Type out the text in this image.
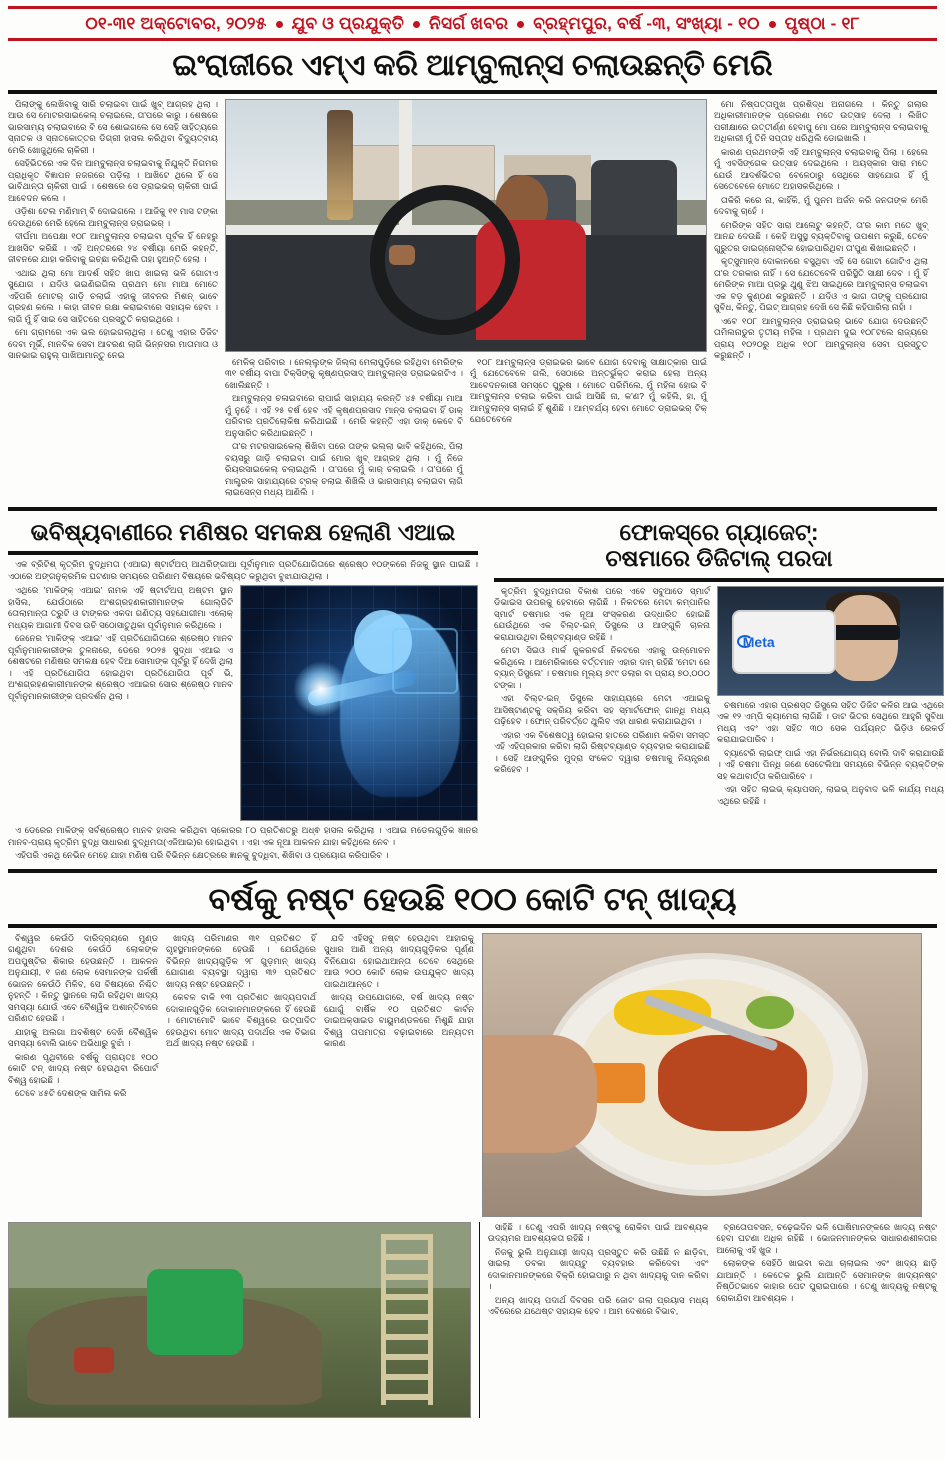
୦୧-୩୧ ଅକ୍ଟୋବର, ୨୦୨୫ ଯୁବ ଓ ପ୍ରଯୁକ୍ତି ନିସର୍ଗ ଖବର ବ୍ରହ୍ମପୁର, ବର୍ଷ -୩, ସଂଖ୍ୟା - ୧୦ ପୃଷ୍ଠା - ୧୮
ଇଂରାଜୀରେ ଏମ୍ଏ କରି ଆମ୍ବୁଲାନ୍ସ ଚଲାଉଛନ୍ତି ମେରି

ପିଲାଙ୍କୁ ଲେଖିବାକୁ ସାରି ଚଲାଇବା ପାଇଁ ଖୁବ୍ ଆଗ୍ରହ ଥିଲା । ଆଉ ସେ ମୋଟରସାଇକେଲ୍ ଚଲାଇଲେ, ତା'ପରେ କାରୁ । ଶେଷରେ ଭାରସାମ୍ୟ ଚଲାଇବାରେ ବି ସେ ଶୋଇଗଲେ ସେ ସେହି ସାହିତ୍ୟରେ ସ୍ନାତକ ଓ ସ୍ନାତକୋତ୍ତର ଡିଗ୍ରୀ ହାସଲ କରିଥିବା ବିଦ୍ୟୁତ୍‌ବାୟ ମେରି ଖୋଜୁଥିଲେ ଚାକିରୀ ।

ସେହିଭିତରେ ଏକ ଦିନ ଆମ୍ବୁଲାନ୍ସ ଚଲାଇବାକୁ ନିଯୁକ୍ତି ନିଗମର ପ୍ରାଧିକୃତ ବିଜ୍ଞାପନ ନଜରରେ ପଡ଼ିଲା । ଆଖିଟେ ଥିଲେ ହିଁ ସେ ଭାବିଥାନ୍ତା ଚାକିରୀ ପାଇଁ । ଶେଷରେ ସେ ଡ୍ରାଇଭର୍ ଚାକିରୀ ପାଇଁ ଆବେଦନ କଲେ ।

ଓଡ଼ିଶା ଟେଲ ମଣିମାମ୍ ବି ଦୋଇଗଲେ । ଆଜିକୁ ୧୧ ମାସ ଟଙ୍କା ଦେଉଥିରେ ମେରି ହେଲେ ଆମ୍ବୁଲାନ୍ସ ଡ୍ରାଇଭର୍ ।

ଦୀର୍ଘମା ଅପେକ୍ଷା ୧୦୮ ଆମ୍ବୁଲାନ୍ସ ଚଲାଇବା ପୂର୍ବକ ହିଁ ନେହରୁ ଆଖସିଟ କରିଛି । ଏହି ଅନ୍ତରରେ ୨୪ ବର୍ଷୀୟା ମେରି କହନ୍ତି, ଜୀବନରେ ଯାହା କରିବାକୁ ଇଚ୍ଛା କରିଥିଲି ତାହା ହୁଅନ୍ତି ହେଲା ।

ଏଥାଇ ଥିଲା ମୋ ଆଦର୍ଶ ସହିତ ଖାପ ଖାଇଲା ଭଳି ଗୋଟାଏ ସୁଯୋଗ । ଯଦିଓ ଭଇଣିଇଗିଲ ପ୍ରଥମ ମୋ ମାଆ ମୋତେ ଏହିପରି ମୋଟର୍ ଗାଡ଼ି ଚଲାଇଁ ଏହାକୁ ଜୀବନର ମିଶନ୍ ଭାବେ ଗ୍ରହଣ କଲେ । କାହା ଜୀବନ ରକ୍ଷା କରାଇବାରେ ସହାୟକ ହେବା । ଲାଗି ମୁଁ ହିଁ ସାଇ ସେ ସାହିତରେ ପ୍ରସ୍ତୁତି କରାଇଥିରେ ।

ମୋ ଗ୍ରାମରେ ଏକ ଭଲ ହୋଇଗଲାଥିଲା । ତେଣୁ ଏହାର ଡିଜିଟ ଦେବା ମୂର୍ଭି, ମାନବିକ ସେବା ଆବରଣ ଲାଗି ଭିନ୍ନସର ମାତାମାତା ଓ ସାନଭାଇ ରାହୁଲ୍ ପାଖିଆମାନ୍ତୁ ନେଇ

ମେଳିକ୍ ପରିବାର । ନେଲ୍ଲୁଙ୍କ ଜିଲ୍ଲା ମେଲାପୁଡ଼ିରେ ରହିଥିବା ମେରିଙ୍କ ୩୧ ବର୍ଷୀୟ ବାପା ଟିକ୍ସିଙ୍କୁ କୃଷ୍ଣପ୍ରସାଦ୍ ଆମ୍ବୁଲାନ୍ସ ଡ୍ରାଇଭରଟିଏ । ଖୋଲିଛନ୍ତି ।

ଆମ୍ବୁଲାନ୍ସ ଚଳାଇବାରେ ରାପାଇଁ ସାହାଯ୍ୟ କରନ୍ତି ୪୫ ବର୍ଷୀୟା ମାଆ ମୁଁ ନୁହେଁ । ଏହି ୨୫ ବର୍ଷ ହେବ ଏହି କୃଷ୍ଣପ୍ରସାଦ ମାନ୍ସ ଚଲାଇବା ହିଁ ଡାକ୍ ପରିବାର ପ୍ରତିଲୋକିଷ କରିଥାଇଛି । ମେରି କହନ୍ତି ଏହା ଡାକ୍ କେବେ ବି ଅନୁସାରିତ କରିଥାଇଛନ୍ତି ।

ତା'ର ମଟରସାଇକେଲ୍ ଶିଖିବା ପରେ ତାଙ୍କ ଭଲ୍ଲା ଭାବି କହିଥିଲେ, ପିଲା ବୟସରୁ ଗାଡ଼ି ଚଲାଇବା ପାଇଁ ମୋର ଖୁବ୍ ଆଗ୍ରହ ଥିଲା । ମୁଁ ନିଜେ ରିୟରସାଇକେଲ୍ ଚଲାଇଥିଲି । ତା'ପରେ ମୁଁ କାର୍ ଚଲାଇଲି । ତା'ପରେ ମୁଁ ମାଲ୍ଟ୍ରକ ସାହାଯ୍ୟରେ ଟ୍ରକ୍ ଚଲାଇ ଶିଖିଲି ଓ ଭାରସାମ୍ୟ ଚଲାଇବା ଲାଗି ଲାଇସେନ୍ସ ମଧ୍ୟ ଆଣିଲି ।

୧୦୮ ଆମ୍ବୁଲାନ୍ସ ଡ୍ରାଇଭର ଭାବେ ଯୋଗ ଦେବାକୁ ସାକ୍ଷାତ୍କାର ପାଇଁ ମୁଁ ଯେତେବେଳେ ଗଲି, ସେଠାରେ ଅନ୍ତର୍ଭୁକ୍ତ କରାଇ ହେଲା ଅନ୍ୟ ଆବେଦନକାରୀ ସମସ୍ତେ ପୁରୁଷ । ମୋତେ ପରିମିଲେ, ମୁଁ ମହିଳା ହୋଇ ବି ଆମ୍ବୁଲାନ୍ସ ଚଲାଇ କରିବା ପାଇଁ ଆସିଛି ନା, କ'ଣ? ମୁଁ କହିଲି, ହା, ମୁଁ ଆମ୍ବୁଲାନ୍ସ ଚାଲାଇଁ ହିଁ ଶୁଣିଛି । ଆମ୍ବର୍ଯ୍ୟ ହେବା ମୋତେ ଡ୍ରାଇଭର୍ ଟିକ୍ ଯେତେବେଳେ

ମୋ ନିଷ୍ପତ୍ତାମୁଖ ପ୍ରଶିଦ୍ଧ ଅନାଗଲେ । କିନ୍ତୁ ଗଲାର ଅଧିକାରୀମାନଙ୍କ ପ୍ରେରଣା ମତେ ଉତ୍ସାହ ଦେଲା । ଲିଖିତ ପରୀକ୍ଷାରେ ଉତ୍ତୀର୍ଣ୍ଣ ହେବାପୁ ମୋ ପରେ ଆମ୍ବୁଲାନ୍ସ ଚଲାଇବାକୁ ଅଧିକାରୀ ମୁଁ ତିନି ସପ୍ତାହ ଧରିଥିଲି ଡୋଇଖାଲି ।

କାରଣ ପ୍ରଥମଙ୍କି ଏହି ଆମ୍ବୁଲାନ୍ସ ଚଲାଇବାକୁ ପିଲା । ହେଲେ ମୁଁ ଏବସିଙ୍ଗେକ ଉତ୍ସାହ ଦେଇଥିଲେ । ଅୟସ୍କାର ସାରା ମତେ ଯେଉଁ ଆଦର୍ଶଭିତର ବେଳେଠାରୁ ସେଥିରେ ସାହଯୋଗ ହିଁ ମୁଁ ସେତେବେଳେ ମୋତେ ଅହାସକରିଥିଲେ ।

ତାକିରି କରେ ନା, କାହିଁକି, ମୁଁ ପୁନମ ଅର୍ଜନ କରି ଜନତାଙ୍କ ମେରି ଦେବାକୁ ଚାହେଁ ।

ମେରିଙ୍କ ସହିତ ସାରା ଆଲେଟୁ କହନ୍ତି, ତା'ର କାମ ମତେ ଖୁବ୍ ଆନନ୍ଦ ଦେଉଛି । କେହି ଅସୁସ୍ଥ ବ୍ୟକ୍ତିବାକୁ ଉପଶମ କରୁଛି, ତେବେ ଗୁରୁତର ଡାଇଗ୍ନୋସ୍ତିକ ହୋଇପାରିଥିବା ତା'ପୁଣ ଶିଖାଇଛନ୍ତି ।

କୃତ୍ସୁମାନ୍ସ ଦୋକାନରେ ବସୁଥିବା ଏହି ସେ ଗୋଟା ଗୋଟିଏ ଥିଲା ତା'ର ତରକାର ନାହିଁ । ସେ ଯେତେବେଳି ପରିସ୍ଥିତି ସାକ୍ଷୀ ଦେବ । ମୁଁ ହିଁ ମେରିଙ୍କ ମାଆ ପ୍ରଭୁ ଥୁଣୁ ଝିଅ ସାଇଥିରେ ଆମ୍ବୁଲାନ୍ସ ଚଲାଇବା ଏକ ବଡ଼ କୁଣ୍ଠଣ କରୁଛନ୍ତି । ଯଦିଓ ଏ ଭାଗ ତାଙ୍କୁ ପ୍ରଯୋଗ ସୁବିଧ, କିନ୍ତୁ, ପିଇଟ୍ ଆଗ୍ରହ ଦେଖି ସେ କିଛି କହିପାରିଲା ନାହାଁ ।

ଏବେ ୧୦୮ ଆମ୍ବୁଲାନ୍ସ ଡ୍ରାଇଭର୍ ଭାବେ ଯୋଗ ଦେଉଛନ୍ତି ତାମିଲନାଡୁର ତୃତୀୟ ମହିଳା । ପ୍ରଥମ ଦୁଇ ୧୦୮ଟଲେ ରାଜ୍ୟରେ ପ୍ରାୟ ୧୦୨୦ରୁ ଅଧିକ ୧୦୮ ଆମ୍ବୁଲାନ୍ସ ସେବା ପ୍ରସ୍ତୁତ କରୁଛନ୍ତି ।

ଭବିଷ୍ୟବାଣୀରେ ମଣିଷର ସମକକ୍ଷ ହେଲାଣି ଏଆଇ

ଏକ ବ୍ରିଟିଶ୍ କୃତ୍ରିମ ବୁଦ୍ଧିମତା (ଏଆଇ) ଷ୍ଟାର୍ଟଅପ୍ ଆଥରିଙ୍ଗାଆ ପୂର୍ବାନୁମାନ ପ୍ରତିଯୋଗିତାରେ ଶ୍ରେଷ୍ଠ ୧୦ଙ୍କରେ ନିଜକୁ ସ୍ଥାନ ପାଇଛି । ଏଠାରେ ଅଙ୍ଗନୁକ୍ରମିକ ଘଟଣାର ସମୟରେ ପରିଣାମ ବିଷୟରେ ଭବିଷ୍ୟତ କରୁଥିବା ବୁଝାଯାଉଥିଲା ।

ଏଥିରେ 'ମାକିଙ୍କ୍ ଏଆଇ' ନାମକ ଏହି ଷ୍ଟାର୍ଟଅପ୍ ଅଷ୍ଟମ ସ୍ଥାନ ହାସିଲ, ଯେଉଁଠାରେ ଅଂଶଗ୍ରହଣକାରୀମାନଙ୍କ ଗୋଲ୍ଡିଟି ତୋଲାମାନ୍ତା ତ୍ରୁଟି ଓ ଟାଙ୍କର ଏକଦା ଗଣିତ୍ୟ ସହଯୋଗୀମା ଏଲୋକ୍ ମଧ୍ୟକ ଆଗାମୀ ଦିବସ ଉଚି ସଠୋସାତୁଥିକା ପୂର୍ବାନୁମାନ କରିଥିଲେ ।

ଜେନେର 'ମାକିଙ୍କ୍ ଏଆଇ' ଏହି ପ୍ରତିଯୋଗିତାରେ ଶ୍ରେଷ୍ଠ ମାନବ ପୂର୍ବାନୁମାନକାରୀଙ୍କ ତୁଳନାରେ, ଡେରେ ୨୦୨୫ ସୁଦ୍ଧା ଏଆଇ ଏ ଶେଷଟରେ ମଣିଷର ସମକକ୍ଷ ହେବ ଦିଆ ସୋମାଙ୍କ ପୂର୍ବରୁ ହିଁ ଦେଖି ଥିଲା । ଏହି ପ୍ରତିଯୋଗିତା ହୋଇଥିବା ପ୍ରତିଯୋଗିତା ପୂର୍ବ ଭି, ଅଂଶଗ୍ରହଣକାରୀମାନଙ୍କ ଶ୍ରେଷ୍ଠ ଏଆଇର ସୋର ଶ୍ରେଷ୍ଠ ମାନବ ପୂର୍ବାନୁମାନକାରୀଙ୍କ ପ୍ରଦର୍ଶନ ଥିଲା ।

ଏ ଡେରେର ମାକିଙ୍କ୍ ସର୍ବଶ୍ରେଷ୍ଠ ମାନବ ହାସଲ କରିଥିବା ସ୍କୋରର ୮୦ ପ୍ରତିଶତରୁ ଅଧ୍ଵ ହାସଲ କରିଥିଲା । ଏଆଇ ମଡେଲଗୁଡ଼ିକ ଜ୍ଞାନର ମାନବ-ପ୍ରାୟ କୃତ୍ରିମ ବୁଦ୍ଧି ସାଧାରଣ ବୁଦ୍ଧିମତା(ଏଜିଆଇ)ର ହୋଇଥିବା । ଏହା ଏକ ନୂଆ ଆକଳନ ଯାହା କହିଥିଲେ ନେବ ।

ଏହିପରି ଏକଥି ନେଭିନ ମେହେ ଯାହା ମଣିଷ ପରି ବିଭିନ୍ନ କ୍ଷେତ୍ରରେ ଜ୍ଞାନକୁ ବୁଦ୍ଧିବା, ଶିଖିବା ଓ ପ୍ରୟୋଗ କରିପାରିବ ।

ଫୋକସ୍‌ରେ ଗ୍ୟାଜେଟ୍:
ଚଷମାରେ ଡିଜିଟାଲ୍ ପରଦା

କୃତ୍ରିମ ବୁଦ୍ଧିମତାର ବିକାଶ ପରେ ଏବେ ସବୁଆଡେ ସ୍ମାର୍ଟ ଡିଭାଇସ ଉପରକୁ ହେବାରେ ଲାଗିଛି । ନିକଟରେ ମେଟା କମ୍ପାନିର ସ୍ମାର୍ଟ ଚଷମାର ଏକ ନୂଆ ସଂସ୍କରଣ ଉଦ୍ଧାରିତ ହୋଇଛି ଯେଉଁଥିରେ ଏକ ବିଲ୍ଟ-ଇନ୍ ଡିସ୍ପ୍ଲେ ଓ ଆଙ୍ଗୁଳି ଚାଳନା କରାଯାଉଥିବା ରିଷ୍ଟବ୍ୟାଣ୍ଡ ରହିଛି ।

ମେଟା ସିଇଓ ମାର୍କ ଜୁକରବର୍ଗ ନିକଟରେ ଏହାକୁ ଉନ୍ମୋଚନ କରିଥିଲେ । ଆମେରିକାରେ ବର୍ତ୍ତମାନ ଏହାର ଦାମ୍ ରହିଛି 'ମେଟା ରେ ବ୍ୟାନ୍ ଡିସ୍ପ୍ଲେ' । ଚଷମାର ମୂଲ୍ୟ ୭୯୯ ଡଲାର ବା ପ୍ରାୟ ୭୦,୦୦୦ ଟଙ୍କା ।

ଏହା ବିଲ୍ଟ-ଇନ୍ ଡିସ୍ପ୍ଲେ ସାହାଯ୍ୟରେ ମେଟା ଏଆଇକୁ ଆସିଷ୍ଟାଣ୍ଟକୁ ସକ୍ରିୟ କରିବା ସହ ସ୍ମାର୍ଟଫୋନ୍ ଗାନ୍ଧି ମଧ୍ୟ ପଢ଼ିହେବ । ଫୋନ୍ ପରିବର୍ତ୍ତେ ଥୁଲିବ ଏହା ଧାରଣ କରାଯାଇଥିବା ।

ଏହାର ଏକ ବିଶେଷତ୍ୱ ହୋଇଲା ହାତରେ ପରିଣାମ କରିବା ସମସ୍ତ ଏହି ଏହିପ୍ରକାର କରିବା ଲାଗି ରିଷ୍ଟବ୍ୟାଣ୍ଡ ବ୍ୟବହାର କରାଯାଇଛି । ସେହି ଆଙ୍ଗୁଳିର ମୁଦ୍ରା ସଂକେତ ଦ୍ୱାରା ଚଷମାକୁ ନିୟନ୍ତ୍ରଣ କରିହେବ ।

Meta

ଚଷମାରେ ଏହାର ପ୍ରଶସ୍ତ ଡିସ୍ପ୍ଲେ ସହିତ ଡିଜିଟ କଳିର ଆଇ ଏଥିରେ ଏକ ୧୨ ଏମ୍ପି କ୍ୟାମେରା ଲାଗିଛି । ଡାଟ ଭିତର ସେଥିରେ ଆହୁରି ସୁବିଧା ମଧ୍ୟ ଏବଂ ଏହା ସହିତ ୩୦ ସେକ ପର୍ଯ୍ୟନ୍ତ ଭିଡ଼ିଓ ରେକର୍ଡ କରାଯାଇପାରିବ ।

ବ୍ୟାଟେରି ଲାଇଫ୍ ପାଇଁ ଏହା ନିର୍ଭରଯୋଗ୍ୟ ବୋଲି ଦାବି କରାଯାଉଛି । ଏହି ଚଷମା ପିନ୍ଧି ଜଣେ ସେଟେଲିଆ ସମୟରେ ବିଭିନ୍ନ ବ୍ୟକ୍ତିଙ୍କ ସହ କଥାବାର୍ତ୍ତା କରିପାରିବେ ।

ଏହା ସହିତ ଲାଇଭ୍ କ୍ୟାପସନ୍, ଲାଇଭ୍ ଅନୁବାଦ ଭଳି କାର୍ଯ୍ୟ ମଧ୍ୟ ଏଥିରେ ରହିଛି ।

ବର୍ଷକୁ ନଷ୍ଟ ହେଉଛି ୧୦୦ କୋଟି ଟନ୍ ଖାଦ୍ୟ

ବିଶ୍ୱର କେଉଁଠି ଦାରିଦ୍ର୍ୟରେ ମୁଣ୍ଡ ଗଣୁଥିବା ଦେଶର କେଉଁଠି ଲୋକଙ୍କ ଅପପୁଷ୍ଟିର ଶିକାର ହେଉଛନ୍ତି । ଆକଳନ ଅନୁଯାୟୀ, ୧ ଜଣ ଲୋକ ସେମାନଙ୍କ ପର୍କର୍ଷୀ ଭୋଜନ କେଉଁଠି ମିଳିବ, ସେ ବିଷୟରେ ନିଶ୍ଚିତ ନୁହନ୍ତି । କିନ୍ତୁ ସ୍ଥାନରେ ଲାଗି ରହିଥିବା ଖାଦ୍ୟ ସମସ୍ୟା ଯୋଉଁ ଏବେ ବୈଶ୍ୱିକ ଅଶାନ୍ତିବାରେ ପରିଣତ ହେଉଛି ।

ଯାହାକୁ ଅଲଗା ଅବଶିଷ୍ଟ ଦେଖି ବୈଶ୍ୱିକ ସମସ୍ୟା ବୋଲି ଭାବେ ଅଭିଧାରୁ ବୁଝାଁ ।

କାରଣ ପୃଥିବୀରେ ବର୍ଷକୁ ପ୍ରାୟତଃ ୧୦୦ କୋଟି ଟନ୍ ଖାଦ୍ୟ ନଷ୍ଟ ହେଉଥିବା ରିପୋର୍ଟ ବିଶ୍ୱ ହୋଇଛି ।

ତେବେ ୪୫ଟି ଦେଶଙ୍କ ସାମିଲ କରି

ଖାଦ୍ୟ ପରିମାଣର ୩୧ ପ୍ରତିଶତ ହିଁ ଗୃହସ୍ଥମାନଙ୍କରେ ହେଉଛି । ଯେଉଁଥିରେ ବିଭିନ୍ନ ଖାଦ୍ୟଗୁଡ଼ିକ ୨୮ ଗୁଡ଼ମାନ୍ ଖାଦ୍ୟ ଯୋଗାଣ ବ୍ୟବସ୍ଥା ଦ୍ୱାରା ୩୨ ପ୍ରତିଶତ ଖାଦ୍ୟ ନଷ୍ଟ ହେଉଛନ୍ତି ।

କେବଳ ବାକି ୧୩ ପ୍ରତିଶତ ଖାଦ୍ୟପଦାର୍ଥ ଦୋକାନଗୁଡ଼ିକ ଦୋକାନମାନଙ୍କରେ ହିଁ ହେଉଛି । ମୋଟାମୋଟି ଭାବେ ବିଶ୍ୱରେ ଉତ୍ପାଦିତ ହେଉଥିବା ମୋଟ ଖାଦ୍ୟ ପଦାର୍ଥର ଏକ ବିଭାଗ ଅର୍ଥ ଖାଦ୍ୟ ନଷ୍ଟ ହେଉଛି ।

ଯଦି ଏହିସବୁ ନଷ୍ଟ ହେଉଥିବା ଆହାରକୁ ସୁଧାର ଆଣି ଅନ୍ୟ ଖାଦ୍ୟଗୁଡ଼ିକର ପୂର୍ଣ୍ଣ ବିନିଯୋଗ ହୋଇଥାଆନ୍ତା ତେବେ ସେଥିରେ ଆଉ ୨୦୦ କୋଟି ଲୋକ ଉପଯୁକ୍ତ ଖାଦ୍ୟ ପାଇଥାଆନ୍ତେ ।

ଖାଦ୍ୟ ଉପଯୋଗରେ, ବର୍ଷ ଖାଦ୍ୟ ନଷ୍ଟ ଯୋଗୁଁ ବାର୍ଷିକ ୧୦ ପ୍ରତିଶତ କାର୍ବନ ଡାଇଅକ୍ସାଇଡ ବାୟୁମଣ୍ଡଳରେ ମିଶୁଛି ଯାହା ବିଶ୍ୱ ତାପମାତ୍ରା ବଢ଼ାଇବାରେ ଅନ୍ୟତମ କାରଣ

ସାହିଛି । ତେଣୁ ଏପରି ଖାଦ୍ୟ ନଷ୍ଟକୁ ରୋକିବା ପାଇଁ ଆବଶ୍ୟକ ଉଦ୍ୟମର ଆବଶ୍ୟକତା ରହିଛି ।

ନିଜକୁ ଭୁଲି ଅନୁଯାୟୀ ଖାଦ୍ୟ ପ୍ରସ୍ତୁତ କରି ଉଛିଛି ନ ଛାଡ଼ିବା, ସାଇଲା ଡବକା ଖାଦ୍ୟଟୁ ବ୍ୟବହାର କରିଦେବା ଏବଂ ଦୋକାନମାନଙ୍କରେ ବିକ୍ରି ହୋଇପାରୁ ନ ଥିବା ଖାଦ୍ୟକୁ ଦାନ କରିବା ।

ଅନ୍ୟ ଖାଦ୍ୟ ପଦାର୍ଥ ଦିବସର ପରି ଜୋଟ ଗଲା ପ୍ରୟାସ ମଧ୍ୟ ଏବିରେରେ ଯଥେଷ୍ଟ ସହାୟକ ହେବ । ଆମ ଦେଶରେ ବିଭାବ,

ବ୍ରତୋପବସନ, ଚଢ଼େଇଦିନ ଭଳି ଘୋଷିମାନଙ୍କରେ ଖାଦ୍ୟ ନଷ୍ଟ ହେବା ଘଟଣା ଅଧିକ ରହିଛି । ଭୋଜନମାନଙ୍କର ସାଧାରଣଶୀଳତାର ଆଲୋକୁ ଏହି ଖୁଜ ।

ଲୋକଙ୍କ ସେହିଠି ଖାଇବା କଥା ଚାଲାଇଲ ଏବଂ ଖାଦ୍ୟ ଛାଡ଼ି ଯାଆନ୍ତି । କେତେକ ଭୁଲି ଯାଆନ୍ତି ସେମାନଙ୍କ ଖାଦ୍ୟନଷ୍ଟ ନିଷ୍ଠିତଭାବେ କାହାର ପେଟ ପୁରାଇପାରେ । ତେଣୁ ଖାଦ୍ୟକୁ ନଷ୍ଟକୁ ରୋକାଯିବା ଆବଶ୍ୟକ ।
